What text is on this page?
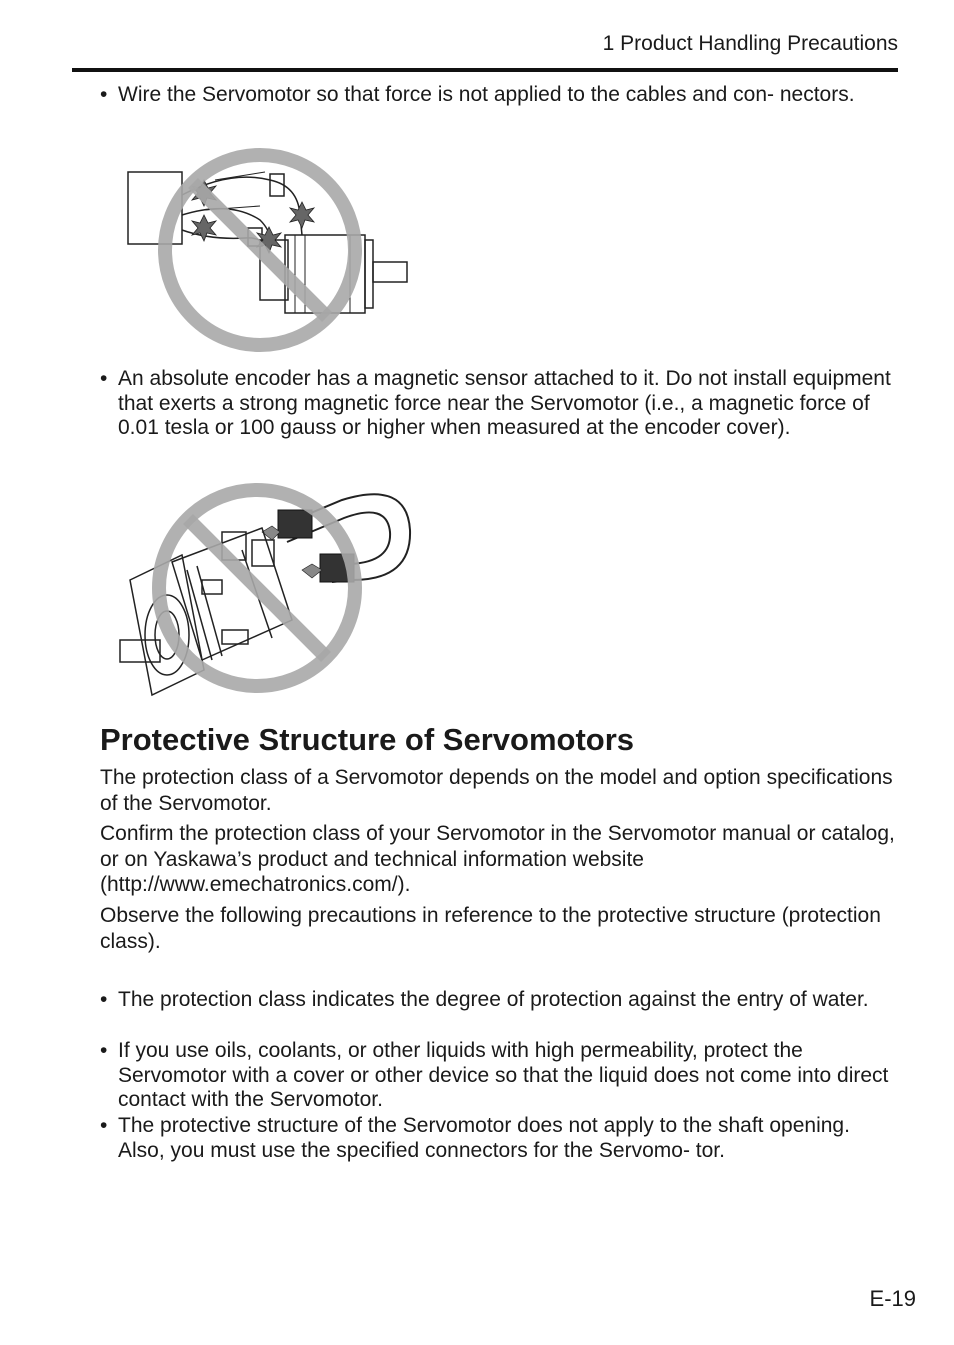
1 Product Handling Precautions
• Wire the Servomotor so that force is not applied to the cables and con- nectors.
• An absolute encoder has a magnetic sensor attached to it. Do not install equipment that exerts a strong magnetic force near the Servomotor (i.e., a magnetic force of 0.01 tesla or 100 gauss or higher when measured at the encoder cover).
Protective Structure of Servomotors
The protection class of a Servomotor depends on the model and option specifications of the Servomotor.
Confirm the protection class of your Servomotor in the Servomotor manual or catalog, or on Yaskawa’s product and technical information website (http://www.emechatronics.com/).
Observe the following precautions in reference to the protective structure (protection class).
• The protection class indicates the degree of protection against the entry of water.
• If you use oils, coolants, or other liquids with high permeability, protect the Servomotor with a cover or other device so that the liquid does not come into direct contact with the Servomotor.
• The protective structure of the Servomotor does not apply to the shaft opening. Also, you must use the specified connectors for the Servomo- tor.
E-19
